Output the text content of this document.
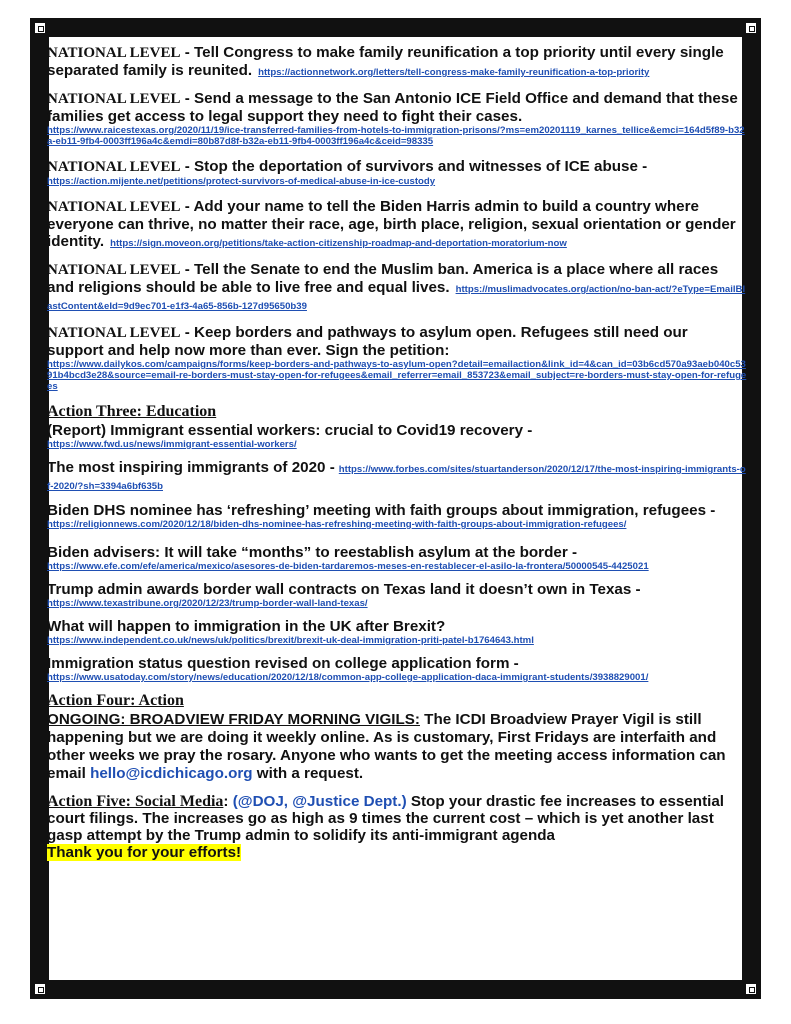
NATIONAL LEVEL - Tell Congress to make family reunification a top priority until every single separated family is reunited. https://actionnetwork.org/letters/tell-congress-make-family-reunification-a-top-priority
NATIONAL LEVEL - Send a message to the San Antonio ICE Field Office and demand that these families get access to legal support they need to fight their cases.
https://www.raicestexas.org/2020/11/19/ice-transferred-families-from-hotels-to-immigration-prisons/?ms=em20201119_karnes_tellice&emci=164d5f89-b32a-eb11-9fb4-0003ff196a4c&emdi=80b87d8f-b32a-eb11-9fb4-0003ff196a4c&ceid=98335
NATIONAL LEVEL - Stop the deportation of survivors and witnesses of ICE abuse -
https://action.mijente.net/petitions/protect-survivors-of-medical-abuse-in-ice-custody
NATIONAL LEVEL - Add your name to tell the Biden Harris admin to build a country where everyone can thrive, no matter their race, age, birth place, religion, sexual orientation or gender identity. https://sign.moveon.org/petitions/take-action-citizenship-roadmap-and-deportation-moratorium-now
NATIONAL LEVEL - Tell the Senate to end the Muslim ban. America is a place where all races and religions should be able to live free and equal lives. https://muslimadvocates.org/action/no-ban-act/?eType=EmailBlastContent&eId=9d9ec701-e1f3-4a65-856b-127d95650b39
NATIONAL LEVEL - Keep borders and pathways to asylum open. Refugees still need our support and help now more than ever. Sign the petition:
https://www.dailykos.com/campaigns/forms/keep-borders-and-pathways-to-asylum-open?detail=emailaction&link_id=4&can_id=03b6cd570a93aeb040c5391b4bcd3e28&source=email-re-borders-must-stay-open-for-refugees&email_referrer=email_853723&email_subject=re-borders-must-stay-open-for-refugees
Action Three: Education
(Report) Immigrant essential workers: crucial to Covid19 recovery -
https://www.fwd.us/news/immigrant-essential-workers/
The most inspiring immigrants of 2020 - https://www.forbes.com/sites/stuartanderson/2020/12/17/the-most-inspiring-immigrants-of-2020/?sh=3394a6bf635b
Biden DHS nominee has ‘refreshing’ meeting with faith groups about immigration, refugees -
https://religionnews.com/2020/12/18/biden-dhs-nominee-has-refreshing-meeting-with-faith-groups-about-immigration-refugees/
Biden advisers: It will take “months” to reestablish asylum at the border -
https://www.efe.com/efe/america/mexico/asesores-de-biden-tardaremos-meses-en-restablecer-el-asilo-la-frontera/50000545-4425021
Trump admin awards border wall contracts on Texas land it doesn’t own in Texas -
https://www.texastribune.org/2020/12/23/trump-border-wall-land-texas/
What will happen to immigration in the UK after Brexit?
https://www.independent.co.uk/news/uk/politics/brexit/brexit-uk-deal-immigration-priti-patel-b1764643.html
Immigration status question revised on college application form -
https://www.usatoday.com/story/news/education/2020/12/18/common-app-college-application-daca-immigrant-students/3938829001/
Action Four: Action
ONGOING: BROADVIEW FRIDAY MORNING VIGILS: The ICDI Broadview Prayer Vigil is still happening but we are doing it weekly online. As is customary, First Fridays are interfaith and other weeks we pray the rosary. Anyone who wants to get the meeting access information can email hello@icdichicago.org with a request.
Action Five: Social Media: (@DOJ, @Justice Dept.) Stop your drastic fee increases to essential court filings. The increases go as high as 9 times the current cost – which is yet another last gasp attempt by the Trump admin to solidify its anti-immigrant agenda
Thank you for your efforts!
